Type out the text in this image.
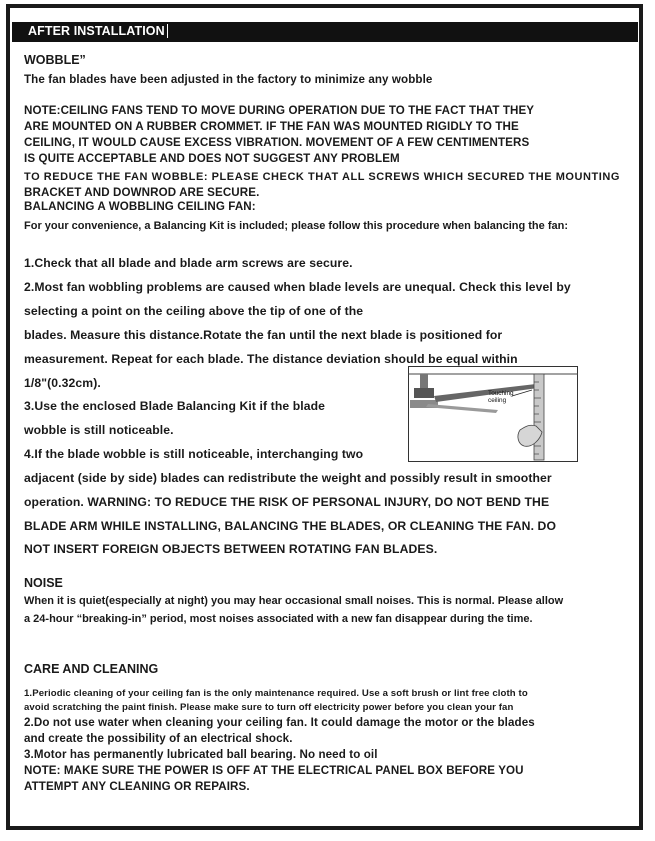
AFTER INSTALLATION
WOBBLE”
The fan blades have been adjusted in the factory to minimize any wobble
NOTE:CEILING FANS TEND TO MOVE DURING OPERATION DUE TO THE FACT THAT THEY
ARE MOUNTED ON A RUBBER CROMMET. IF THE FAN WAS MOUNTED RIGIDLY TO THE
CEILING, IT WOULD CAUSE EXCESS VIBRATION. MOVEMENT OF A FEW CENTIMENTERS
IS QUITE ACCEPTABLE AND DOES NOT SUGGEST ANY PROBLEM
TO REDUCE THE FAN WOBBLE: PLEASE CHECK THAT ALL SCREWS WHICH SECURED THE MOUNTING
BRACKET AND DOWNROD ARE SECURE.
BALANCING A WOBBLING CEILING FAN:
For your convenience, a Balancing Kit is included; please follow this procedure when balancing the fan:
1.Check that all blade and blade arm screws are secure.
2.Most fan wobbling problems are caused when blade levels are unequal. Check this level by
selecting a point on the ceiling above the tip of one of the
blades. Measure this distance.Rotate the fan until the next blade is positioned for
measurement. Repeat for each blade. The distance deviation should be equal within
1/8"(0.32cm).
3.Use the enclosed Blade Balancing Kit if the blade
wobble is still noticeable.
4.If the blade wobble is still noticeable, interchanging two
adjacent (side by side) blades can redistribute the weight and possibly result in smoother
operation. WARNING: TO REDUCE THE RISK OF PERSONAL INJURY, DO NOT BEND THE
BLADE ARM WHILE INSTALLING, BALANCING THE BLADES, OR CLEANING THE FAN. DO
NOT INSERT FOREIGN OBJECTS BETWEEN ROTATING FAN BLADES.
Touching
ceiling
NOISE
When it is quiet(especially at night) you may hear occasional small noises. This is normal. Please allow
a 24-hour “breaking-in” period, most noises associated with a new fan disappear during the time.
CARE AND CLEANING
1.Periodic cleaning of your ceiling fan is the only maintenance required. Use a soft brush or lint free cloth to
avoid scratching the paint finish. Please make sure to turn off electricity power before you clean your fan
2.Do not use water when cleaning your ceiling fan. It could damage the motor or the blades
and create the possibility of an electrical shock.
3.Motor has permanently lubricated ball bearing. No need to oil
NOTE: MAKE SURE THE POWER IS OFF AT THE ELECTRICAL PANEL BOX BEFORE YOU
ATTEMPT ANY CLEANING OR REPAIRS.
